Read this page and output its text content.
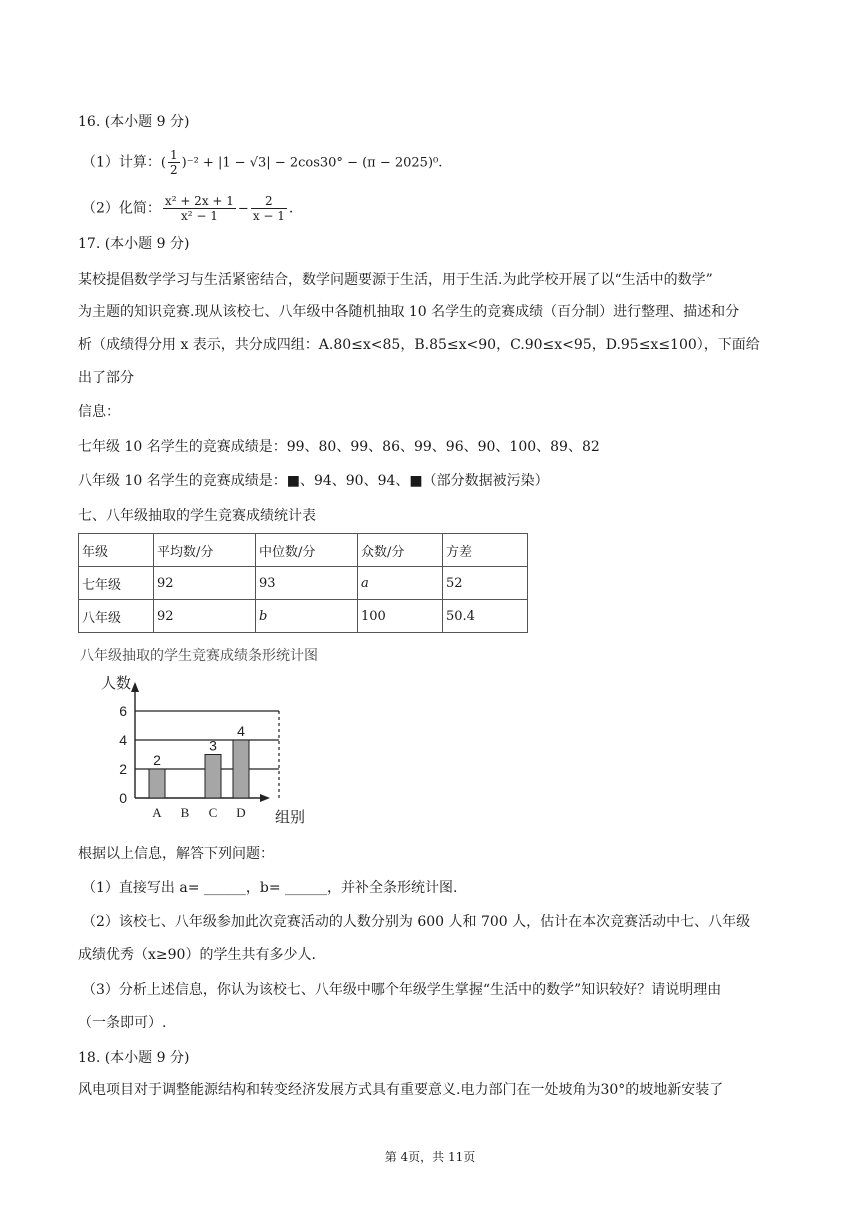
16. (本小题 9 分)
（1）计算：( $\frac{1}{2} )^{-2} + |1 - √3| - 2\cos 30^\circ - (\pi - 2025)^0$.
（2）化简： $\frac{\text{x² + 2x + 1}}{\text{x² − 1}} - \frac{2}{x - 1}$ .
17. (本小题 9 分)
某校提倡数学学习与生活紧密结合，数学问题要源于生活，用于生活.为此学校开展了以“生活中的数学”
为主题的知识竞赛.现从该校七、八年级中各随机抽取 10 名学生的竞赛成绩（百分制）进行整理、描述和分
析（成绩得分用 x 表示，共分成四组：A.80≤x<85，B.85≤x<90，C.90≤x<95，D.95≤x≤100），下面给
出了部分
信息：
七年级 10 名学生的竞赛成绩是：99、80、99、86、99、96、90、100、89、82
八年级 10 名学生的竞赛成绩是：■、94、90、94、■（部分数据被污染）
七、八年级抽取的学生竞赛成绩统计表
年级	平均数/分	中位数/分	众数/分	方差
七年级	92	93	a	52
八年级	92	b	100	50.4
八年级抽取的学生竞赛成绩条形统计图
0
2
4
6
人数
组别
2
A B
3
C
4
D
根据以上信息，解答下列问题：
（1）直接写出 a= ______，b= ______，并补全条形统计图.
（2）该校七、八年级参加此次竞赛活动的人数分别为 600 人和 700 人，估计在本次竞赛活动中七、八年级
成绩优秀（x≥90）的学生共有多少人.
（3）分析上述信息，你认为该校七、八年级中哪个年级学生掌握“生活中的数学”知识较好？请说明理由
（一条即可）.
18. (本小题 9 分)
风电项目对于调整能源结构和转变经济发展方式具有重要意义.电力部门在一处坡角为30°的坡地新安装了
第 4页，共 11页
